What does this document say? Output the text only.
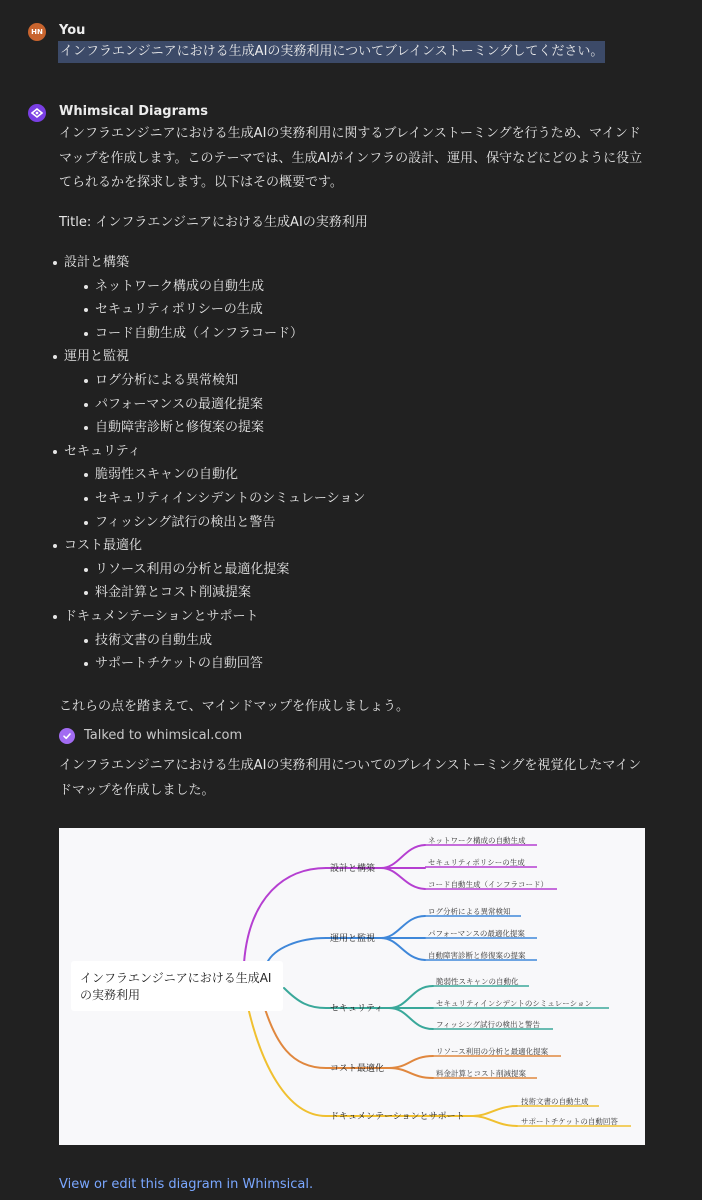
HN You
インフラエンジニアにおける生成AIの実務利用についてブレインストーミングしてください。
Whimsical Diagrams
インフラエンジニアにおける生成AIの実務利用に関するブレインストーミングを行うため、マインドマップを作成します。このテーマでは、生成AIがインフラの設計、運用、保守などにどのように役立てられるかを探求します。以下はその概要です。
Title: インフラエンジニアにおける生成AIの実務利用
設計と構築
ネットワーク構成の自動生成
セキュリティポリシーの生成
コード自動生成（インフラコード）
運用と監視
ログ分析による異常検知
パフォーマンスの最適化提案
自動障害診断と修復案の提案
セキュリティ
脆弱性スキャンの自動化
セキュリティインシデントのシミュレーション
フィッシング試行の検出と警告
コスト最適化
リソース利用の分析と最適化提案
料金計算とコスト削減提案
ドキュメンテーションとサポート
技術文書の自動生成
サポートチケットの自動回答
これらの点を踏まえて、マインドマップを作成しましょう。
Talked to whimsical.com
インフラエンジニアにおける生成AIの実務利用についてのブレインストーミングを視覚化したマインドマップを作成しました。
インフラエンジニアにおける生成AI
の実務利用
設計と構築
運用と監視
セキュリティ
コスト最適化
ドキュメンテーションとサポート
ネットワーク構成の自動生成
セキュリティポリシーの生成
コード自動生成（インフラコード）
ログ分析による異常検知
パフォーマンスの最適化提案
自動障害診断と修復案の提案
脆弱性スキャンの自動化
セキュリティインシデントのシミュレーション
フィッシング試行の検出と警告
リソース利用の分析と最適化提案
料金計算とコスト削減提案
技術文書の自動生成
サポートチケットの自動回答
View or edit this diagram in Whimsical.
